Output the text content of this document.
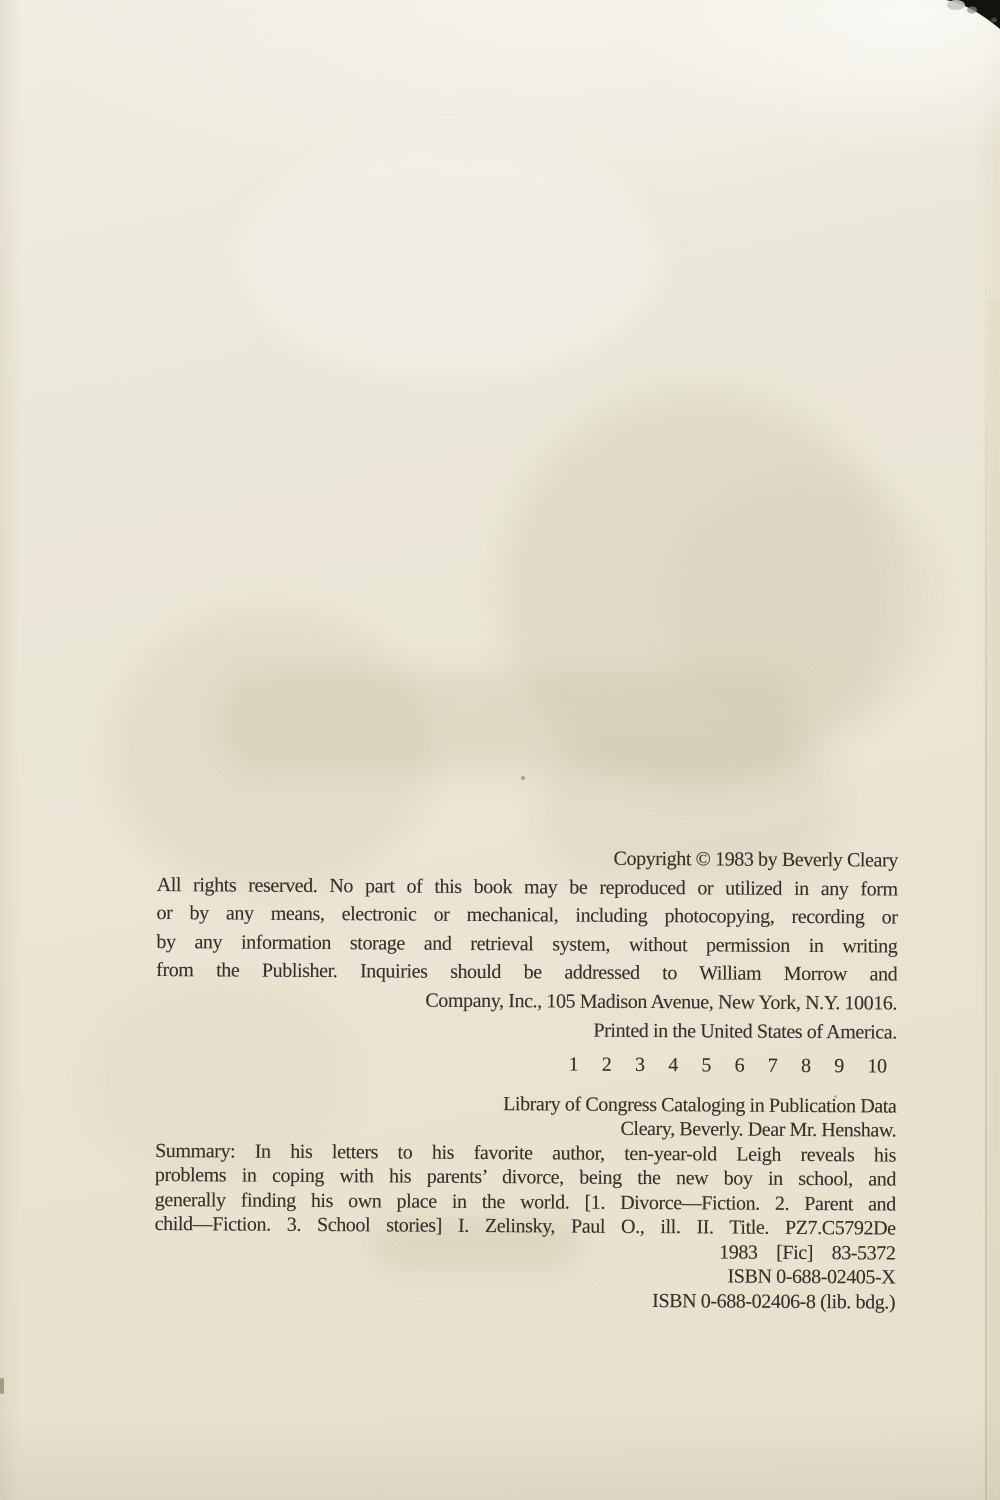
Copyright © 1983 by Beverly Cleary
All rights reserved. No part of this book may be reproduced or utilized in any form
or by any means, electronic or mechanical, including photocopying, recording or
by any information storage and retrieval system, without permission in writing
from the Publisher. Inquiries should be addressed to William Morrow and
Company, Inc., 105 Madison Avenue, New York, N.Y. 10016.
Printed in the United States of America.
1 2 3 4 5 6 7 8 9 10
Library of Congress Cataloging in Publication Data
Cleary, Beverly. Dear Mr. Henshaw.
Summary: In his letters to his favorite author, ten-year-old Leigh reveals his
problems in coping with his parents’ divorce, being the new boy in school, and
generally finding his own place in the world. [1. Divorce—Fiction. 2. Parent and
child—Fiction. 3. School stories] I. Zelinsky, Paul O., ill. II. Title. PZ7.C5792De
1983 [Fic] 83-5372
ISBN 0-688-02405-X
ISBN 0-688-02406-8 (lib. bdg.)
